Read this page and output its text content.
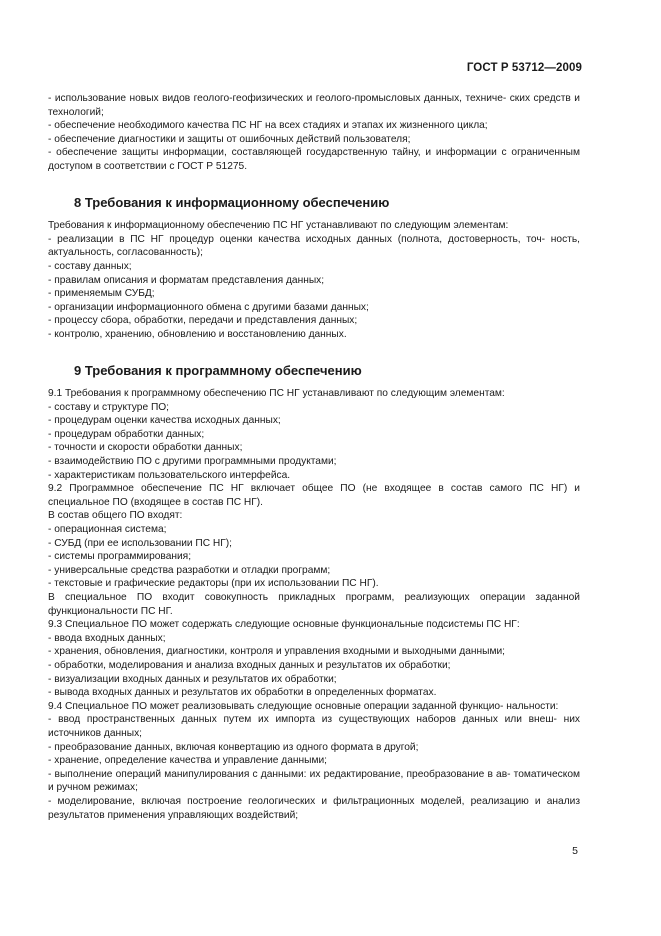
ГОСТ Р 53712—2009

- использование новых видов геолого-геофизических и геолого-промысловых данных, техниче- ских средств и технологий;

- обеспечение необходимого качества ПС НГ на всех стадиях и этапах их жизненного цикла;

- обеспечение диагностики и защиты от ошибочных действий пользователя;

- обеспечение защиты информации, составляющей государственную тайну, и информации с ограниченным доступом в соответствии с ГОСТ Р 51275.

8 Требования к информационному обеспечению

Требования к информационному обеспечению ПС НГ устанавливают по следующим элементам:

- реализации в ПС НГ процедур оценки качества исходных данных (полнота, достоверность, точ- ность, актуальность, согласованность);

- составу данных;

- правилам описания и форматам представления данных;

- применяемым СУБД;

- организации информационного обмена с другими базами данных;

- процессу сбора, обработки, передачи и представления данных;

- контролю, хранению, обновлению и восстановлению данных.

9 Требования к программному обеспечению

9.1 Требования к программному обеспечению ПС НГ устанавливают по следующим элементам:

- составу и структуре ПО;

- процедурам оценки качества исходных данных;

- процедурам обработки данных;

- точности и скорости обработки данных;

- взаимодействию ПО с другими программными продуктами;

- характеристикам пользовательского интерфейса.

9.2 Программное обеспечение ПС НГ включает общее ПО (не входящее в состав самого ПС НГ) и специальное ПО (входящее в состав ПС НГ).

В состав общего ПО входят:

- операционная система;

- СУБД (при ее использовании ПС НГ);

- системы программирования;

- универсальные средства разработки и отладки программ;

- текстовые и графические редакторы (при их использовании ПС НГ).

В специальное ПО входит совокупность прикладных программ, реализующих операции заданной функциональности ПС НГ.

9.3 Специальное ПО может содержать следующие основные функциональные подсистемы ПС НГ:

- ввода входных данных;

- хранения, обновления, диагностики, контроля и управления входными и выходными данными;

- обработки, моделирования и анализа входных данных и результатов их обработки;

- визуализации входных данных и результатов их обработки;

- вывода входных данных и результатов их обработки в определенных форматах.

9.4 Специальное ПО может реализовывать следующие основные операции заданной функцио- нальности:

- ввод пространственных данных путем их импорта из существующих наборов данных или внеш- них источников данных;

- преобразование данных, включая конвертацию из одного формата в другой;

- хранение, определение качества и управление данными;

- выполнение операций манипулирования с данными: их редактирование, преобразование в ав- томатическом и ручном режимах;

- моделирование, включая построение геологических и фильтрационных моделей, реализацию и анализ результатов применения управляющих воздействий;

5
